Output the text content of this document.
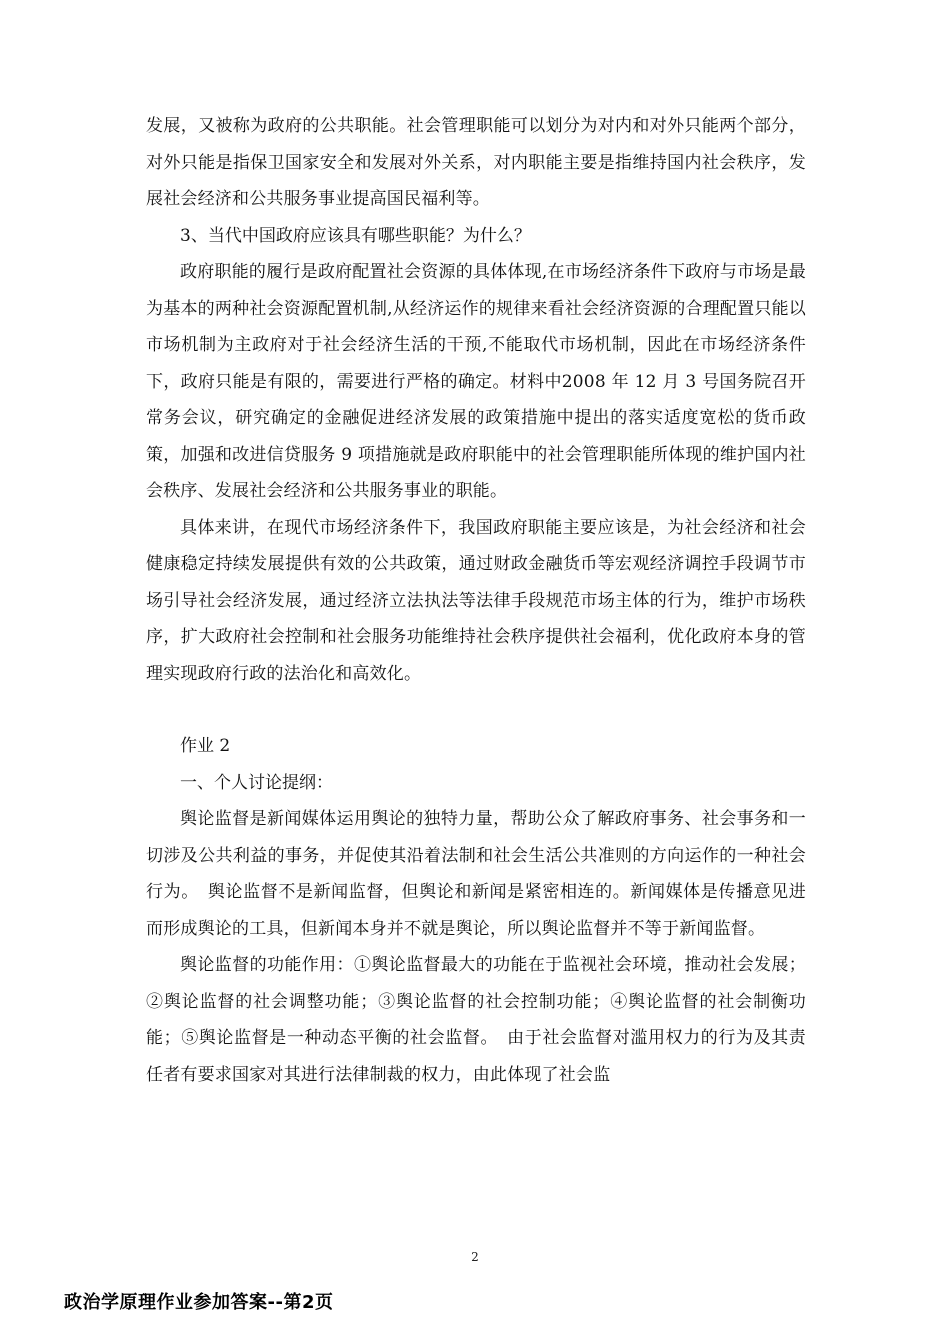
发展，又被称为政府的公共职能。社会管理职能可以划分为对内和对外只能两个部分，对外只能是指保卫国家安全和发展对外关系，对内职能主要是指维持国内社会秩序，发展社会经济和公共服务事业提高国民福利等。

3、当代中国政府应该具有哪些职能？为什么？

政府职能的履行是政府配置社会资源的具体体现,在市场经济条件下政府与市场是最为基本的两种社会资源配置机制,从经济运作的规律来看社会经济资源的合理配置只能以市场机制为主政府对于社会经济生活的干预,不能取代市场机制，因此在市场经济条件下，政府只能是有限的，需要进行严格的确定。材料中2008 年 12 月 3 号国务院召开常务会议，研究确定的金融促进经济发展的政策措施中提出的落实适度宽松的货币政策，加强和改进信贷服务 9 项措施就是政府职能中的社会管理职能所体现的维护国内社会秩序、发展社会经济和公共服务事业的职能。

具体来讲，在现代市场经济条件下，我国政府职能主要应该是，为社会经济和社会健康稳定持续发展提供有效的公共政策，通过财政金融货币等宏观经济调控手段调节市场引导社会经济发展，通过经济立法执法等法律手段规范市场主体的行为，维护市场秩序，扩大政府社会控制和社会服务功能维持社会秩序提供社会福利，优化政府本身的管理实现政府行政的法治化和高效化。

作业 2

一、个人讨论提纲：

舆论监督是新闻媒体运用舆论的独特力量，帮助公众了解政府事务、社会事务和一切涉及公共利益的事务，并促使其沿着法制和社会生活公共准则的方向运作的一种社会行为。　舆论监督不是新闻监督，但舆论和新闻是紧密相连的。新闻媒体是传播意见进而形成舆论的工具，但新闻本身并不就是舆论，所以舆论监督并不等于新闻监督。

舆论监督的功能作用：①舆论监督最大的功能在于监视社会环境，推动社会发展；②舆论监督的社会调整功能；③舆论监督的社会控制功能；④舆论监督的社会制衡功能；⑤舆论监督是一种动态平衡的社会监督。　由于社会监督对滥用权力的行为及其责任者有要求国家对其进行法律制裁的权力，由此体现了社会监

2
政治学原理作业参加答案--第2页
